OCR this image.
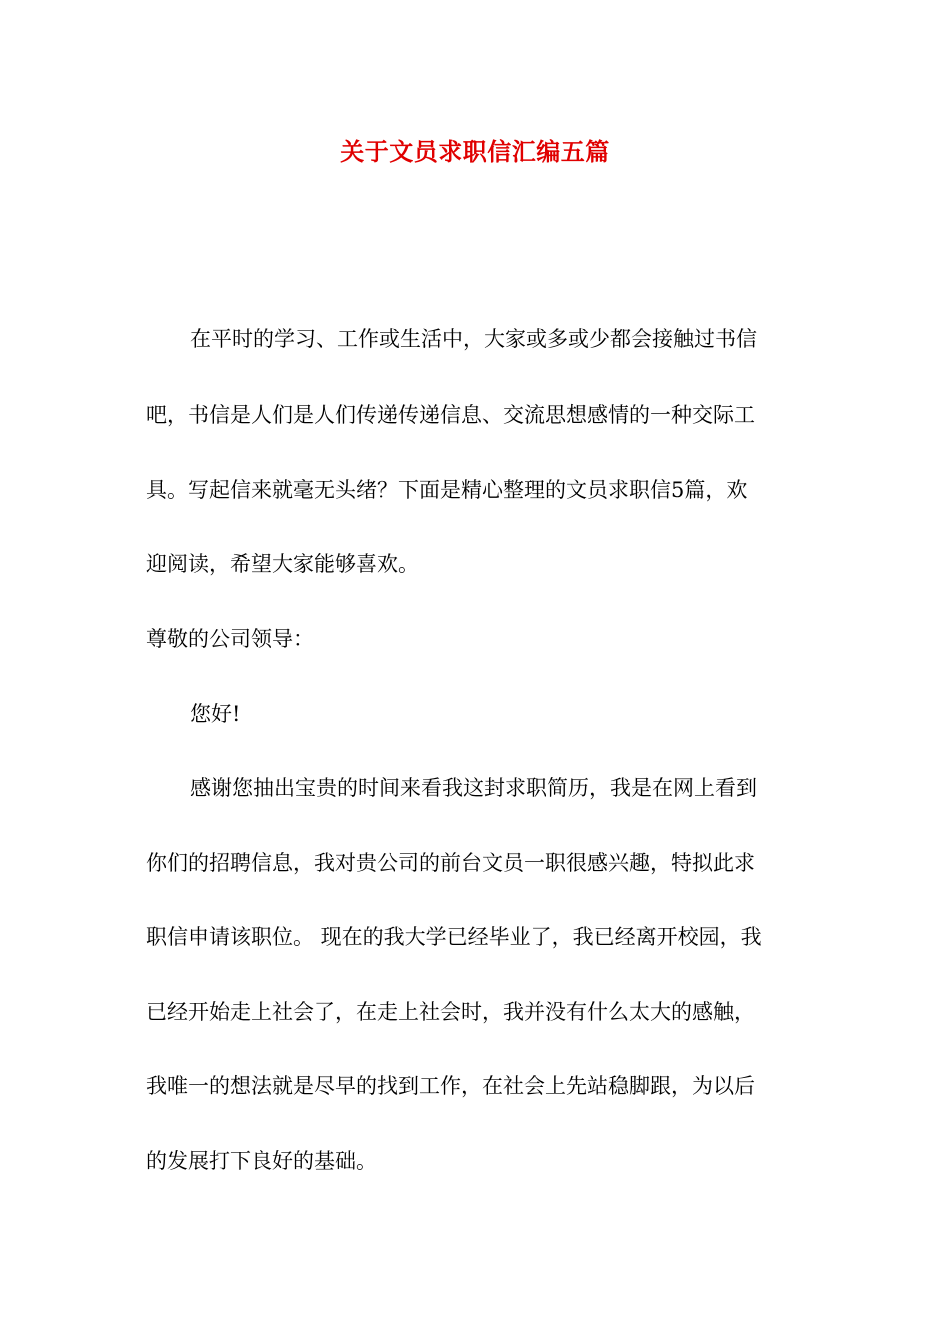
关于文员求职信汇编五篇
在平时的学习、工作或生活中，大家或多或少都会接触过书信
吧，书信是人们是人们传递传递信息、交流思想感情的一种交际工
具。写起信来就毫无头绪？下面是精心整理的文员求职信5篇，欢
迎阅读，希望大家能够喜欢。
尊敬的公司领导：
您好!
感谢您抽出宝贵的时间来看我这封求职简历，我是在网上看到
你们的招聘信息，我对贵公司的前台文员一职很感兴趣，特拟此求
职信申请该职位。 现在的我大学已经毕业了，我已经离开校园，我
已经开始走上社会了，在走上社会时，我并没有什么太大的感触，
我唯一的想法就是尽早的找到工作，在社会上先站稳脚跟，为以后
的发展打下良好的基础。
